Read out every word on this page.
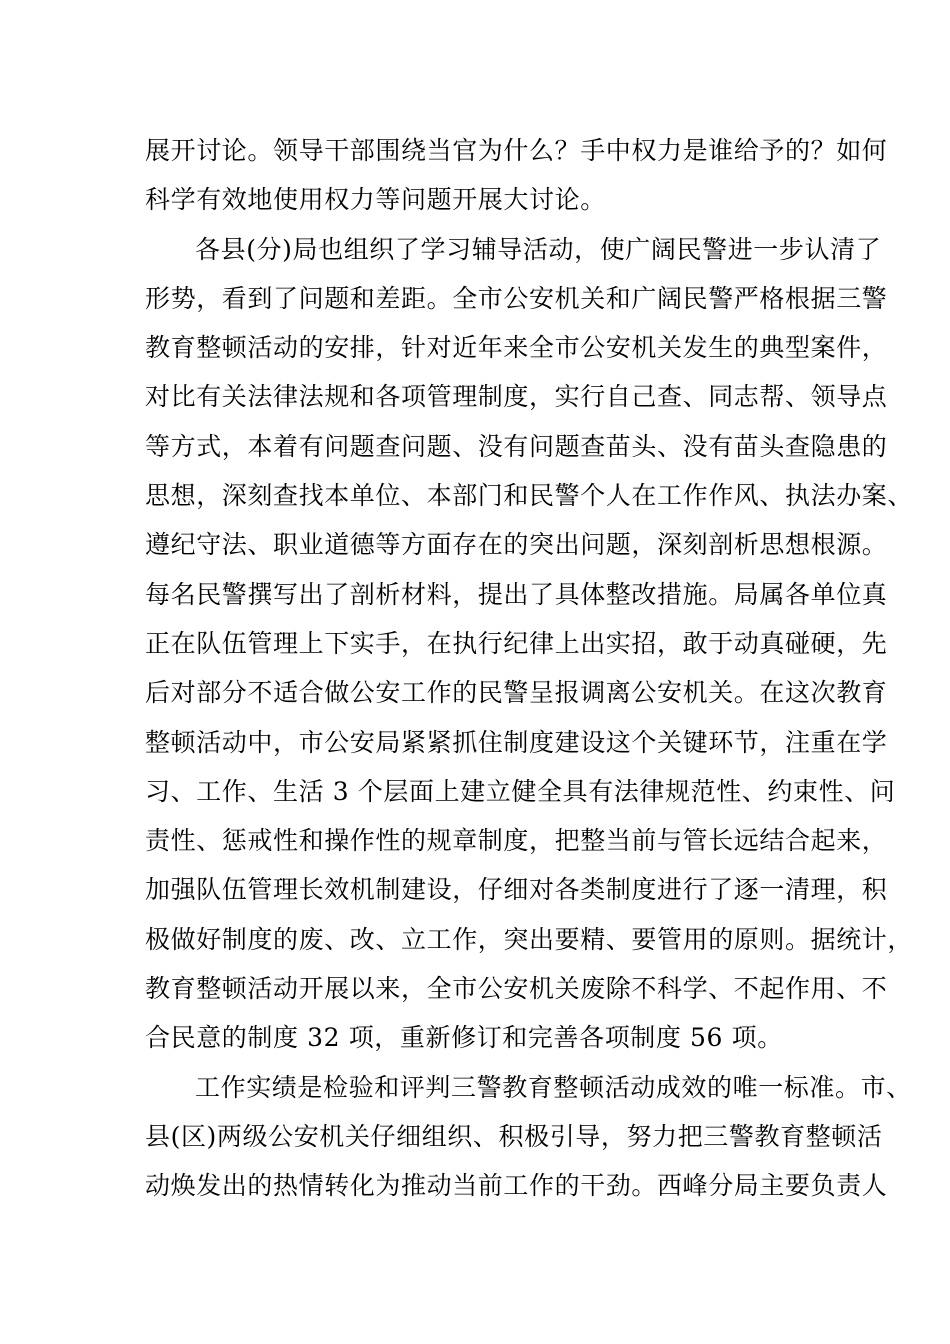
展开讨论。领导干部围绕当官为什么？手中权力是谁给予的？如何
科学有效地使用权力等问题开展大讨论。
各县(分)局也组织了学习辅导活动，使广阔民警进一步认清了
形势，看到了问题和差距。全市公安机关和广阔民警严格根据三警
教育整顿活动的安排，针对近年来全市公安机关发生的典型案件，
对比有关法律法规和各项管理制度，实行自己查、同志帮、领导点
等方式，本着有问题查问题、没有问题查苗头、没有苗头查隐患的
思想，深刻查找本单位、本部门和民警个人在工作作风、执法办案、
遵纪守法、职业道德等方面存在的突出问题，深刻剖析思想根源。
每名民警撰写出了剖析材料，提出了具体整改措施。局属各单位真
正在队伍管理上下实手，在执行纪律上出实招，敢于动真碰硬，先
后对部分不适合做公安工作的民警呈报调离公安机关。在这次教育
整顿活动中，市公安局紧紧抓住制度建设这个关键环节，注重在学
习、工作、生活 3 个层面上建立健全具有法律规范性、约束性、问
责性、惩戒性和操作性的规章制度，把整当前与管长远结合起来，
加强队伍管理长效机制建设，仔细对各类制度进行了逐一清理，积
极做好制度的废、改、立工作，突出要精、要管用的原则。据统计，
教育整顿活动开展以来，全市公安机关废除不科学、不起作用、不
合民意的制度 32 项，重新修订和完善各项制度 56 项。
工作实绩是检验和评判三警教育整顿活动成效的唯一标准。市、
县(区)两级公安机关仔细组织、积极引导，努力把三警教育整顿活
动焕发出的热情转化为推动当前工作的干劲。西峰分局主要负责人
